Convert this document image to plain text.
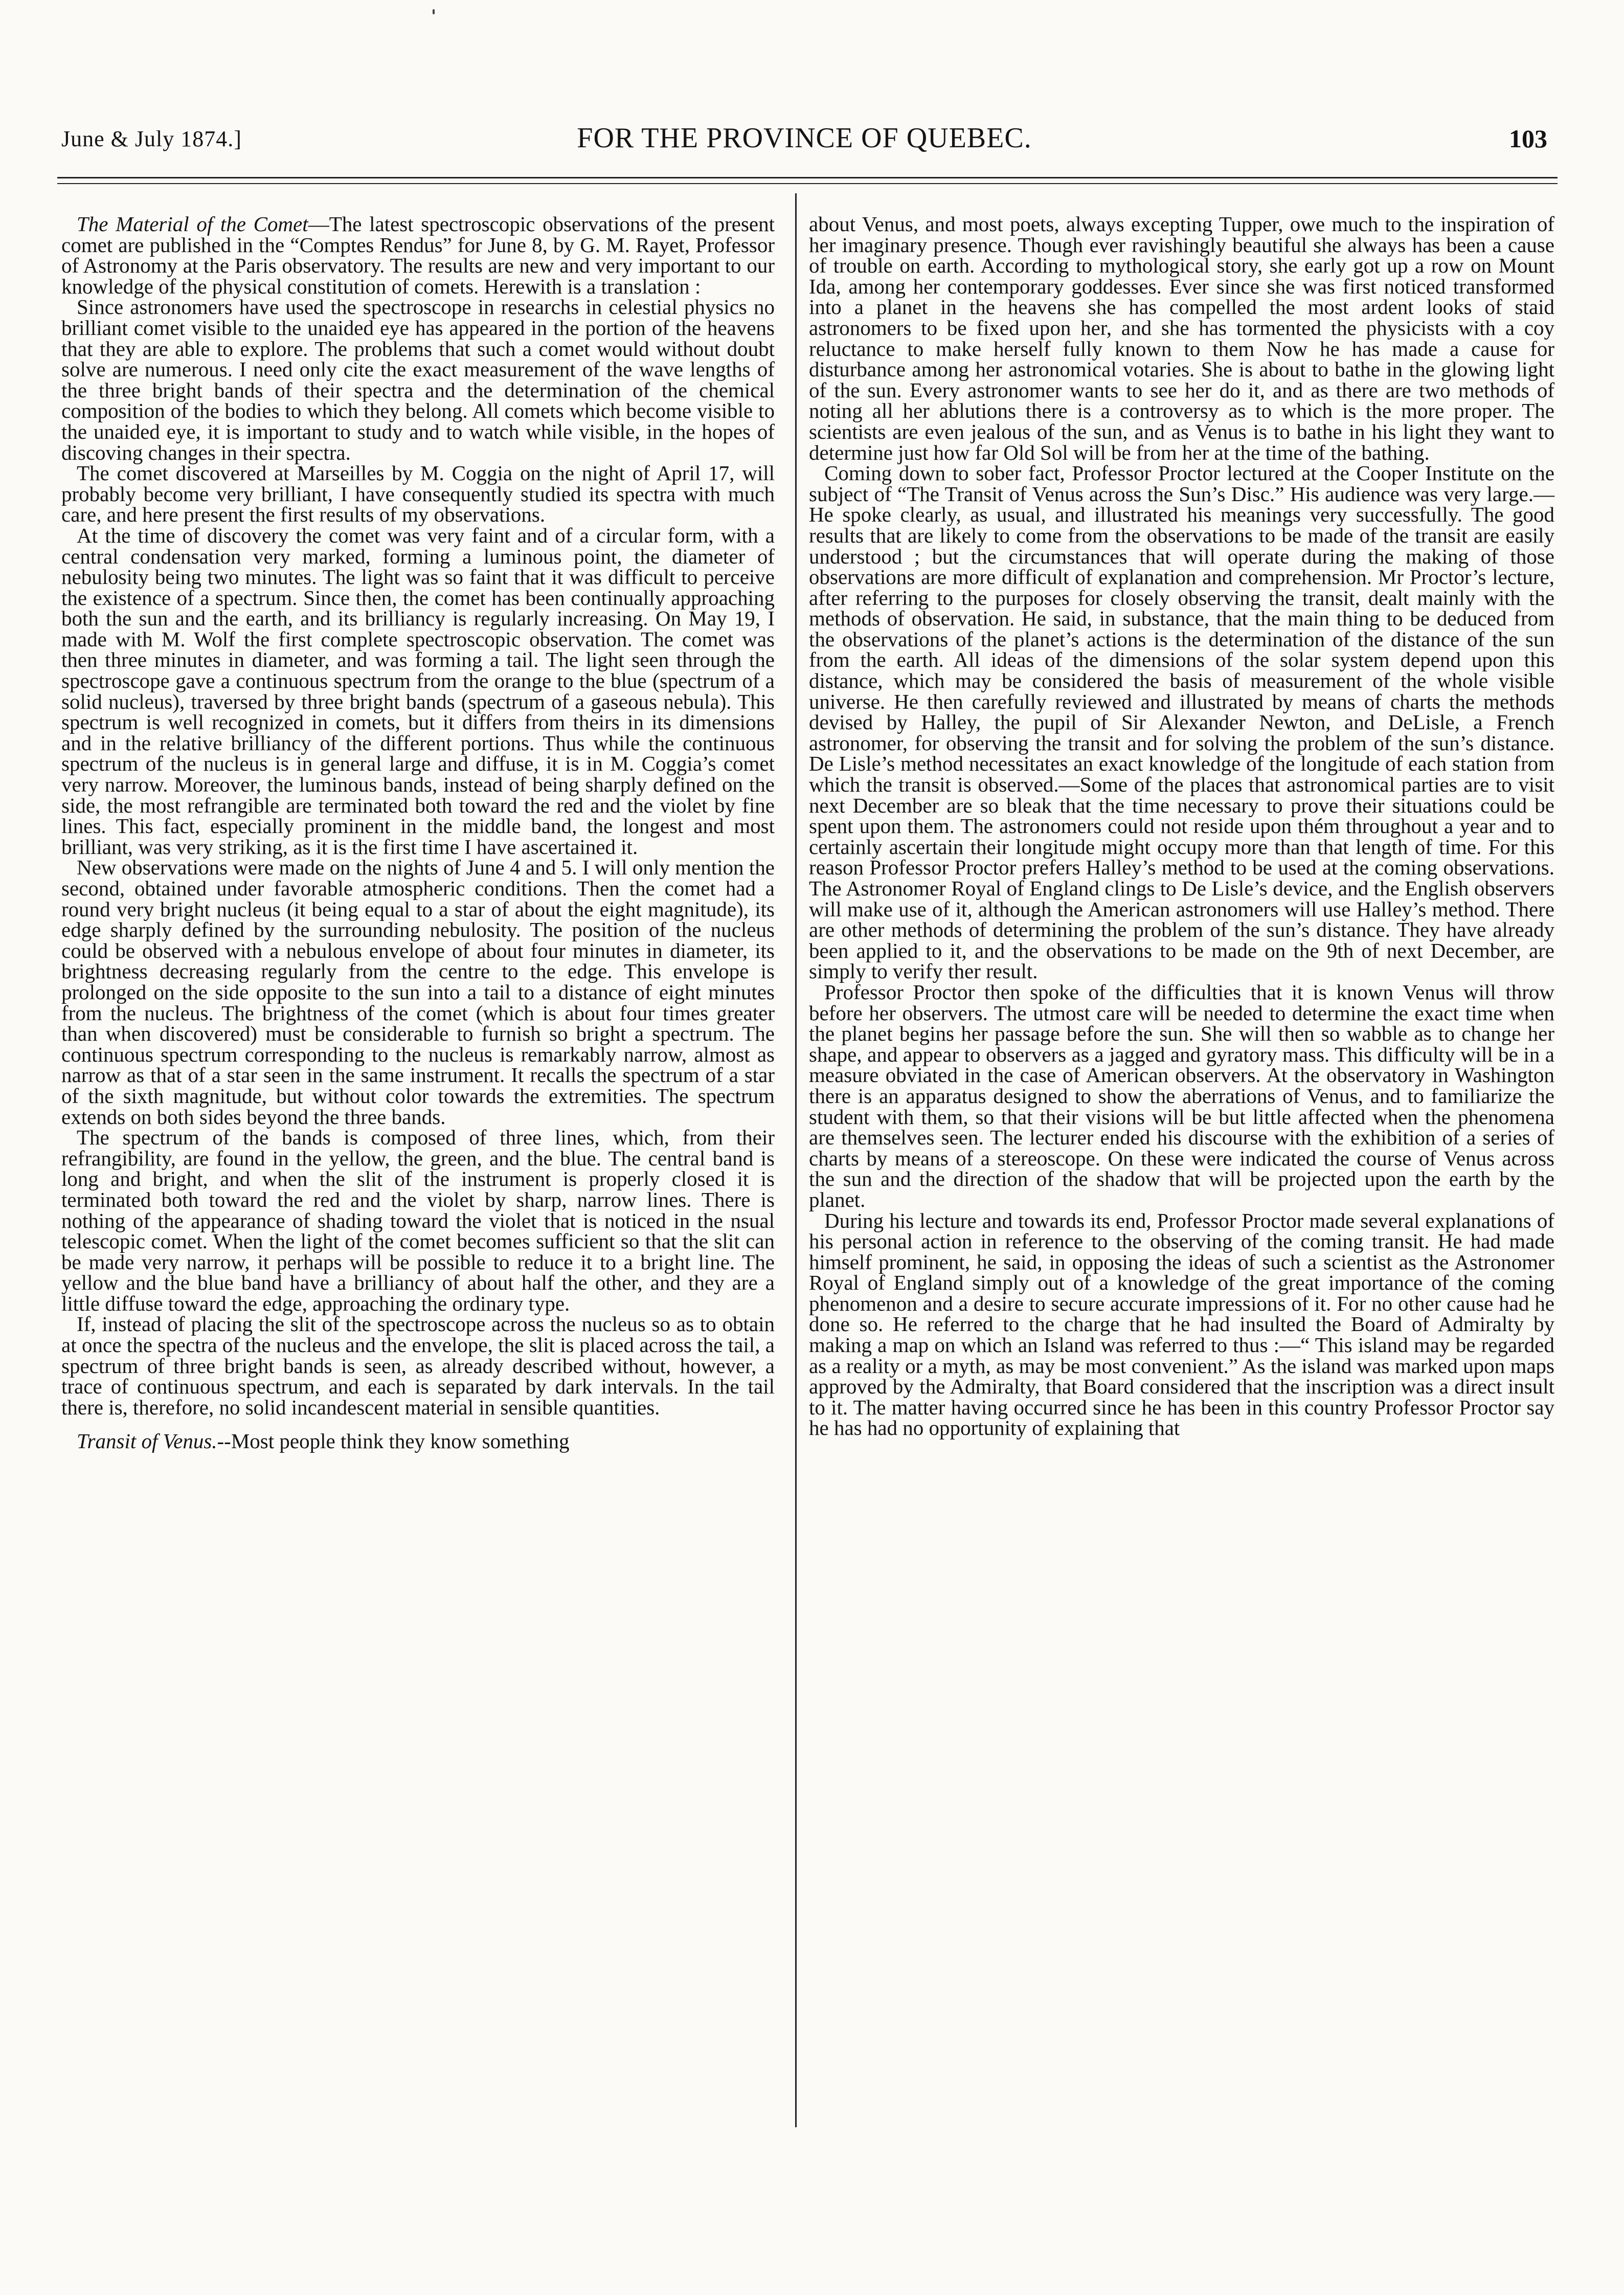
June & July 1874.]	FOR THE PROVINCE OF QUEBEC.	103

The Material of the Comet—The latest spectroscopic observations of the present comet are published in the “Comptes Rendus” for June 8, by G. M. Rayet, Professor of Astronomy at the Paris observatory. The results are new and very important to our knowledge of the physical constitution of comets. Herewith is a translation :

Since astronomers have used the spectroscope in researchs in celestial physics no brilliant comet visible to the unaided eye has appeared in the portion of the heavens that they are able to explore. The problems that such a comet would without doubt solve are numerous. I need only cite the exact measurement of the wave lengths of the three bright bands of their spectra and the determination of the chemical composition of the bodies to which they belong. All comets which become visible to the unaided eye, it is important to study and to watch while visible, in the hopes of discoving changes in their spectra.

The comet discovered at Marseilles by M. Coggia on the night of April 17, will probably become very brilliant, I have consequently studied its spectra with much care, and here present the first results of my observations.

At the time of discovery the comet was very faint and of a circular form, with a central condensation very marked, forming a luminous point, the diameter of nebulosity being two minutes. The light was so faint that it was difficult to perceive the existence of a spectrum. Since then, the comet has been continually approaching both the sun and the earth, and its brilliancy is regularly increasing. On May 19, I made with M. Wolf the first complete spectroscopic observation. The comet was then three minutes in diameter, and was forming a tail. The light seen through the spectroscope gave a continuous spectrum from the orange to the blue (spectrum of a solid nucleus), traversed by three bright bands (spectrum of a gaseous nebula). This spectrum is well recognized in comets, but it differs from theirs in its dimensions and in the relative brilliancy of the different portions. Thus while the continuous spectrum of the nucleus is in general large and diffuse, it is in M. Coggia’s comet very narrow. Moreover, the luminous bands, instead of being sharply defined on the side, the most refrangible are terminated both toward the red and the violet by fine lines. This fact, especially prominent in the middle band, the longest and most brilliant, was very striking, as it is the first time I have ascertained it.

New observations were made on the nights of June 4 and 5. I will only mention the second, obtained under favorable atmospheric conditions. Then the comet had a round very bright nucleus (it being equal to a star of about the eight magnitude), its edge sharply defined by the surrounding nebulosity. The position of the nucleus could be observed with a nebulous envelope of about four minutes in diameter, its brightness decreasing regularly from the centre to the edge. This envelope is prolonged on the side opposite to the sun into a tail to a distance of eight minutes from the nucleus. The brightness of the comet (which is about four times greater than when discovered) must be considerable to furnish so bright a spectrum. The continuous spectrum corresponding to the nucleus is remarkably narrow, almost as narrow as that of a star seen in the same instrument. It recalls the spectrum of a star of the sixth magnitude, but without color towards the extremities. The spectrum extends on both sides beyond the three bands.

The spectrum of the bands is composed of three lines, which, from their refrangibility, are found in the yellow, the green, and the blue. The central band is long and bright, and when the slit of the instrument is properly closed it is terminated both toward the red and the violet by sharp, narrow lines. There is nothing of the appearance of shading toward the violet that is noticed in the nsual telescopic comet. When the light of the comet becomes sufficient so that the slit can be made very narrow, it perhaps will be possible to reduce it to a bright line. The yellow and the blue band have a brilliancy of about half the other, and they are a little diffuse toward the edge, approaching the ordinary type.

If, instead of placing the slit of the spectroscope across the nucleus so as to obtain at once the spectra of the nucleus and the envelope, the slit is placed across the tail, a spectrum of three bright bands is seen, as already described without, however, a trace of continuous spectrum, and each is separated by dark intervals. In the tail there is, therefore, no solid incandescent material in sensible quantities.

Transit of Venus.--Most people think they know something

about Venus, and most poets, always excepting Tupper, owe much to the inspiration of her imaginary presence. Though ever ravishingly beautiful she always has been a cause of trouble on earth. According to mythological story, she early got up a row on Mount Ida, among her contemporary goddesses. Ever since she was first noticed transformed into a planet in the heavens she has compelled the most ardent looks of staid astronomers to be fixed upon her, and she has tormented the physicists with a coy reluctance to make herself fully known to them Now he has made a cause for disturbance among her astronomical votaries. She is about to bathe in the glowing light of the sun. Every astronomer wants to see her do it, and as there are two methods of noting all her ablutions there is a controversy as to which is the more proper. The scientists are even jealous of the sun, and as Venus is to bathe in his light they want to determine just how far Old Sol will be from her at the time of the bathing.

Coming down to sober fact, Professor Proctor lectured at the Cooper Institute on the subject of “The Transit of Venus across the Sun’s Disc.” His audience was very large.—He spoke clearly, as usual, and illustrated his meanings very successfully. The good results that are likely to come from the observations to be made of the transit are easily understood ; but the circumstances that will operate during the making of those observations are more difficult of explanation and comprehension. Mr Proctor’s lecture, after referring to the purposes for closely observing the transit, dealt mainly with the methods of observation. He said, in substance, that the main thing to be deduced from the observations of the planet’s actions is the determination of the distance of the sun from the earth. All ideas of the dimensions of the solar system depend upon this distance, which may be considered the basis of measurement of the whole visible universe. He then carefully reviewed and illustrated by means of charts the methods devised by Halley, the pupil of Sir Alexander Newton, and DeLisle, a French astronomer, for observing the transit and for solving the problem of the sun’s distance. De Lisle’s method necessitates an exact knowledge of the longitude of each station from which the transit is observed.—Some of the places that astronomical parties are to visit next December are so bleak that the time necessary to prove their situations could be spent upon them. The astronomers could not reside upon thém throughout a year and to certainly ascertain their longitude might occupy more than that length of time. For this reason Professor Proctor prefers Halley’s method to be used at the coming observations. The Astronomer Royal of England clings to De Lisle’s device, and the English observers will make use of it, although the American astronomers will use Halley’s method. There are other methods of determining the problem of the sun’s distance. They have already been applied to it, and the observations to be made on the 9th of next December, are simply to verify ther result.

Professor Proctor then spoke of the difficulties that it is known Venus will throw before her observers. The utmost care will be needed to determine the exact time when the planet begins her passage before the sun. She will then so wabble as to change her shape, and appear to observers as a jagged and gyratory mass. This difficulty will be in a measure obviated in the case of American observers. At the observatory in Washington there is an apparatus designed to show the aberrations of Venus, and to familiarize the student with them, so that their visions will be but little affected when the phenomena are themselves seen. The lecturer ended his discourse with the exhibition of a series of charts by means of a stereoscope. On these were indicated the course of Venus across the sun and the direction of the shadow that will be projected upon the earth by the planet.

During his lecture and towards its end, Professor Proctor made several explanations of his personal action in reference to the observing of the coming transit. He had made himself prominent, he said, in opposing the ideas of such a scientist as the Astronomer Royal of England simply out of a knowledge of the great importance of the coming phenomenon and a desire to secure accurate impressions of it. For no other cause had he done so. He referred to the charge that he had insulted the Board of Admiralty by making a map on which an Island was referred to thus :—“ This island may be regarded as a reality or a myth, as may be most convenient.” As the island was marked upon maps approved by the Admiralty, that Board considered that the inscription was a direct insult to it. The matter having occurred since he has been in this country Professor Proctor say he has had no opportunity of explaining that
